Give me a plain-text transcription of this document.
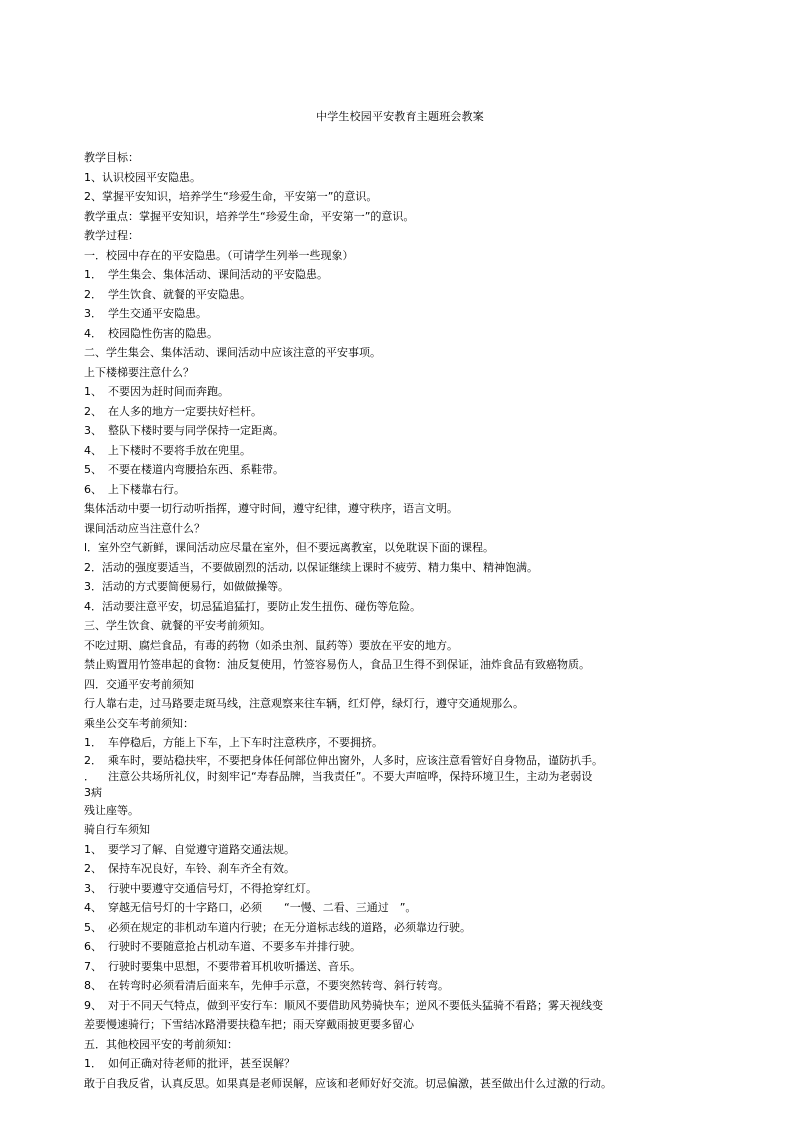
中学生校园平安教育主题班会教案
教学目标：
1、认识校园平安隐患。
2、掌握平安知识，培养学生“珍爱生命，平安第一”的意识。
教学重点：掌握平安知识，培养学生“珍爱生命，平安第一”的意识。
教学过程：
一．校园中存在的平安隐患。（可请学生列举一些现象）
1． 学生集会、集体活动、课间活动的平安隐患。
2． 学生饮食、就餐的平安隐患。
3． 学生交通平安隐患。
4． 校园隐性伤害的隐患。
二、学生集会、集体活动、课间活动中应该注意的平安事项。
上下楼梯要注意什么？
1、 不要因为赶时间而奔跑。
2、 在人多的地方一定要扶好栏杆。
3、 整队下楼时要与同学保持一定距离。
4、 上下楼时不要将手放在兜里。
5、 不要在楼道内弯腰拾东西、系鞋带。
6、 上下楼靠右行。
集体活动中要一切行动听指挥，遵守时间，遵守纪律，遵守秩序，语言文明。
课间活动应当注意什么？
l．室外空气新鲜，课间活动应尽量在室外，但不要远离教室，以免耽误下面的课程。
2．活动的强度要适当，不要做剧烈的活动, 以保证继续上课时不疲劳、精力集中、精神饱满。
3．活动的方式要简便易行，如做做操等。
4．活动要注意平安，切忌猛追猛打，要防止发生扭伤、碰伤等危险。
三、学生饮食、就餐的平安考前须知。
不吃过期、腐烂食品，有毒的药物（如杀虫剂、鼠药等）要放在平安的地方。
禁止购置用竹签串起的食物：油反复使用，竹签容易伤人，食品卫生得不到保证，油炸食品有致癌物质。
四．交通平安考前须知
行人靠右走，过马路要走斑马线，注意观察来往车辆，红灯停，绿灯行，遵守交通规那么。
乘坐公交车考前须知：
1． 车停稳后，方能上下车，上下车时注意秩序，不要拥挤。
2． 乘车时，要站稳扶牢，不要把身体任何部位伸出窗外，人多时，应该注意看管好自身物品，谨防扒手。
． 注意公共场所礼仪，时刻牢记“寿春品牌，当我责任”。不要大声喧哗，保持环境卫生，主动为老弱设
3病
残让座等。
骑自行车须知
1、 要学习了解、自觉遵守道路交通法规。
2、 保持车况良好，车铃、刹车齐全有效。
3、 行驶中要遵守交通信号灯，不得抢穿红灯。
4、 穿越无信号灯的十字路口，必须　　“一慢、二看、三通过　”。
5、 必须在规定的非机动车道内行驶；在无分道标志线的道路，必须靠边行驶。
6、 行驶时不要随意抢占机动车道、不要多车并排行驶。
7、 行驶时要集中思想，不要带着耳机收听播送、音乐。
8、 在转弯时必须看清后面来车，先伸手示意，不要突然转弯、斜行转弯。
9、 对于不同天气特点，做到平安行车：顺风不要借助风势骑快车；逆风不要低头猛骑不看路；雾天视线变
差要慢速骑行；下雪结冰路滑要扶稳车把；雨天穿戴雨披更要多留心
五．其他校园平安的考前须知：
1． 如何正确对待老师的批评，甚至误解？
敢于自我反省，认真反思。如果真是老师误解，应该和老师好好交流。切忌偏激，甚至做出什么过激的行动。
